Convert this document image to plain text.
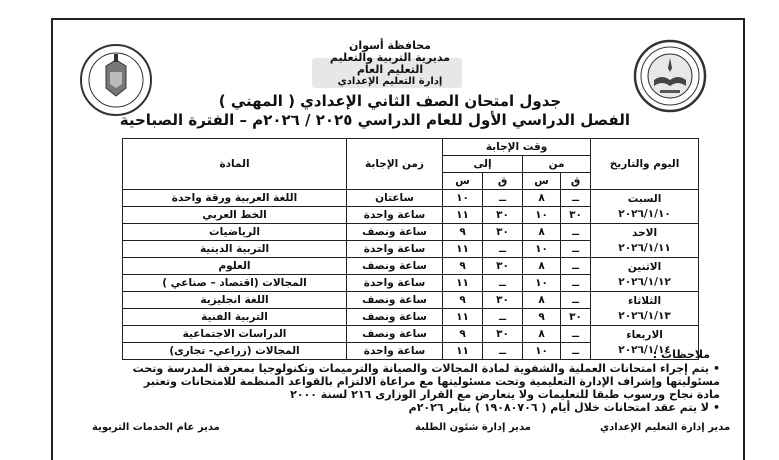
محافظة أسوان
مديرية التربية والتعليم
التعليم العام
إدارة التعليم الإعدادي
جدول امتحان الصف الثاني الإعدادي ( المهني )
الفصل الدراسي الأول للعام الدراسي ٢٠٢٥ / ٢٠٢٦م – الفترة الصباحية
اليوم والتاريخ	وقت الإجابة				زمن الإجابة	المادة
	من		إلى			
	ق	س	ق	س		

السبت
٢٠٢٦/١/١٠	ــ	٨	ــ	١٠	ساعتان	اللغة العربية ورقة واحدة
	٣٠	١٠	٣٠	١١	ساعة واحدة	الخط العربي

الاحد
٢٠٢٦/١/١١	ــ	٨	٣٠	٩	ساعة ونصف	الرياضيات
	ــ	١٠	ــ	١١	ساعة واحدة	التربية الدينية

الاثنين
٢٠٢٦/١/١٢	ــ	٨	٣٠	٩	ساعة ونصف	العلوم
	ــ	١٠	ــ	١١	ساعة واحدة	المجالات (اقتصاد – صناعي )

الثلاثاء
٢٠٢٦/١/١٣	ــ	٨	٣٠	٩	ساعة ونصف	اللغة انجليزية
	٣٠	٩	ــ	١١	ساعة ونصف	التربية الفنية

الاربعاء
٢٠٢٦/١/١٤	ــ	٨	٣٠	٩	ساعة ونصف	الدراسات الاجتماعية
	ــ	١٠	ــ	١١	ساعة واحدة	المجالات (زراعي- تجارى)	ملاحظات :
•يتم إجراء امتحانات العملية والشفوية لمادة المجالات والصيانة والترميمات وتكنولوجيا بمعرفة المدرسة وتحت
مسئوليتها وإشراف الإدارة التعليمية وتحت مسئوليتها مع مراعاة الالتزام بالقواعد المنظمة للامتحانات وتعتبر
مادة نجاح ورسوب طبقا للتعليمات ولا يتعارض مع القرار الوزارى ٢١٦ لسنة ٢٠٠٠
•لا يتم عقد امتحانات خلال أيام ( ١٩٠٨٠٧٠٦ ) يناير ٢٠٢٦م
مدير إدارة التعليم الإعدادي
مدير إدارة شئون الطلبة
مدير عام الخدمات التربوية
